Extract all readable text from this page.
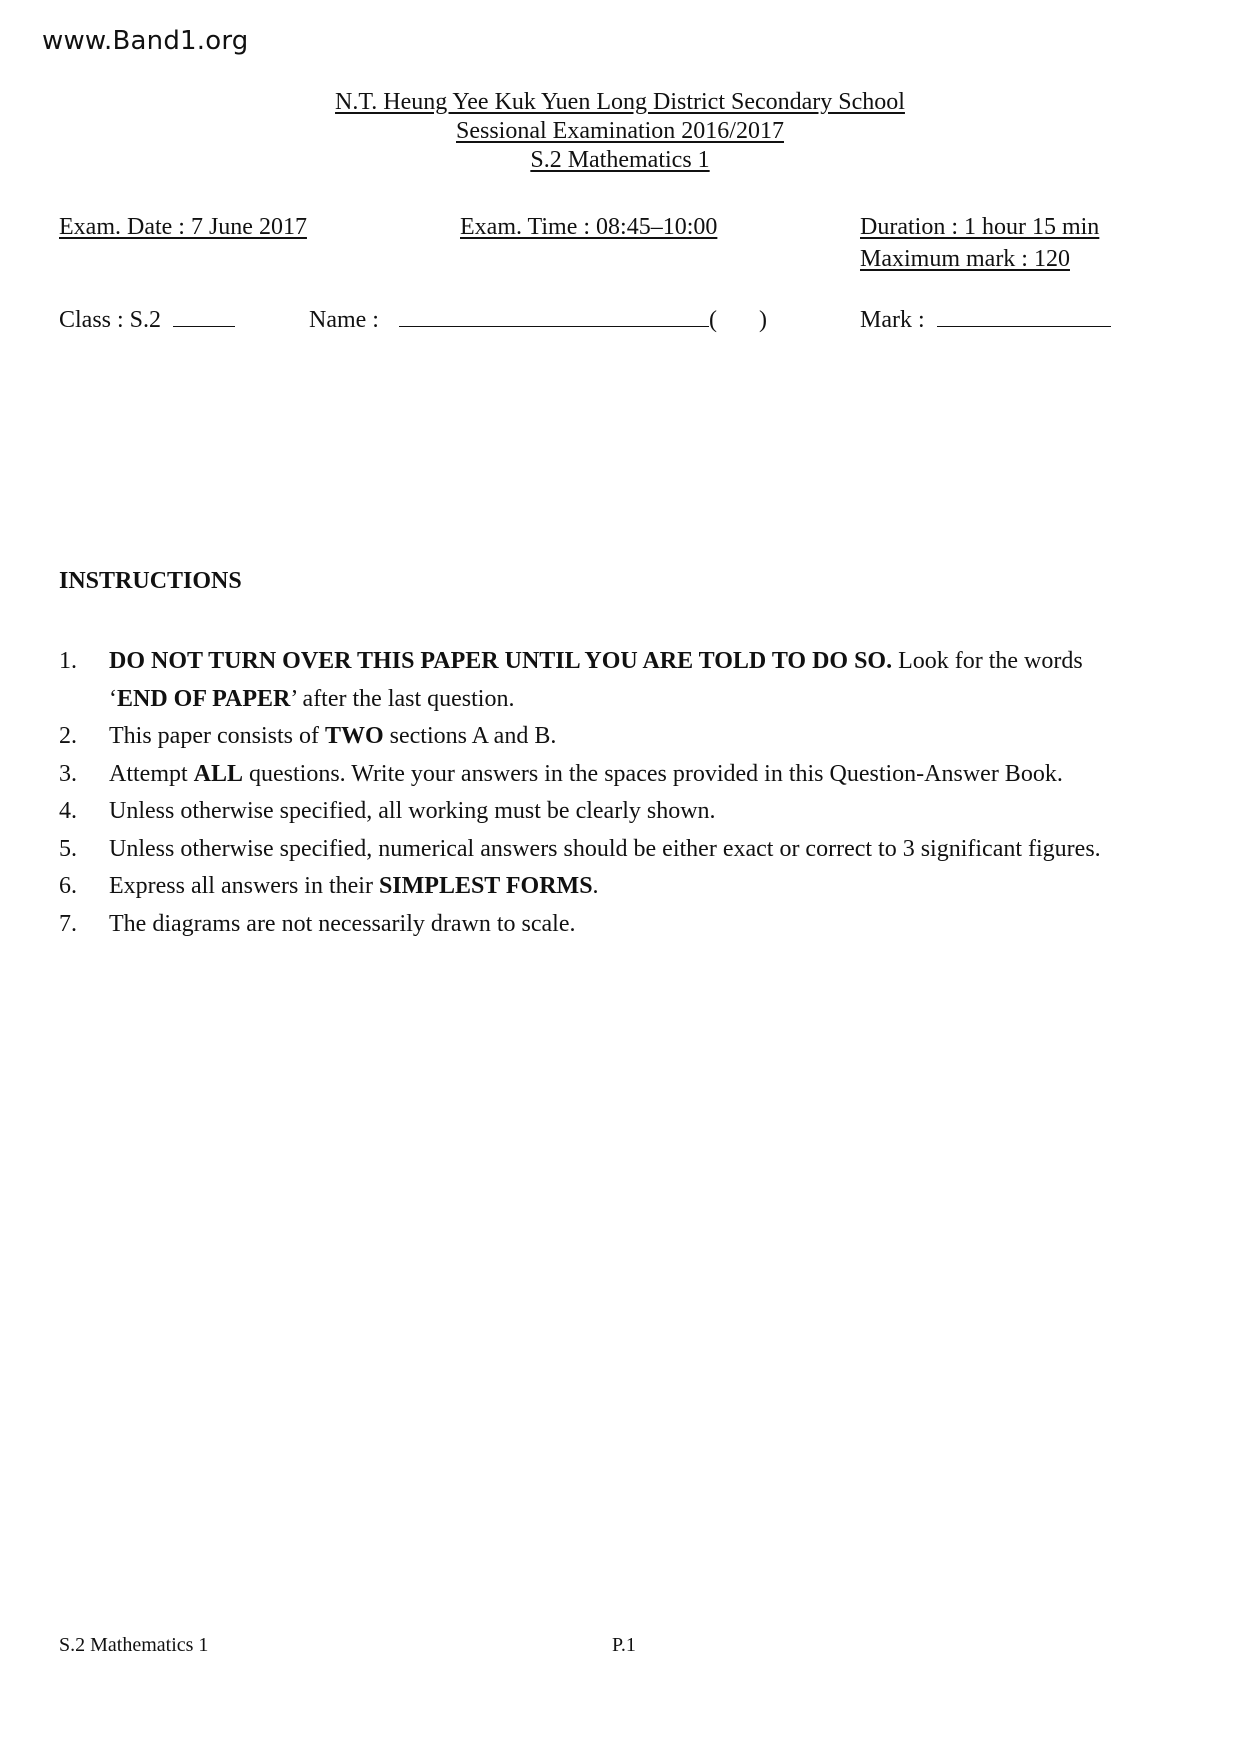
www.Band1.org
N.T. Heung Yee Kuk Yuen Long District Secondary School
Sessional Examination 2016/2017
S.2 Mathematics 1
Exam. Date : 7 June 2017	Exam. Time : 08:45‒10:00	Duration : 1 hour 15 min
Maximum mark : 120
Class : S.2	Name :	( )	Mark :
INSTRUCTIONS
1.	DO NOT TURN OVER THIS PAPER UNTIL YOU ARE TOLD TO DO SO. Look for the words
‘END OF PAPER’ after the last question.
2.	This paper consists of TWO sections A and B.
3.	Attempt ALL questions. Write your answers in the spaces provided in this Question-Answer Book.
4.	Unless otherwise specified, all working must be clearly shown.
5.	Unless otherwise specified, numerical answers should be either exact or correct to 3 significant figures.
6.	Express all answers in their SIMPLEST FORMS.
7.	The diagrams are not necessarily drawn to scale.
S.2 Mathematics 1	P.1
